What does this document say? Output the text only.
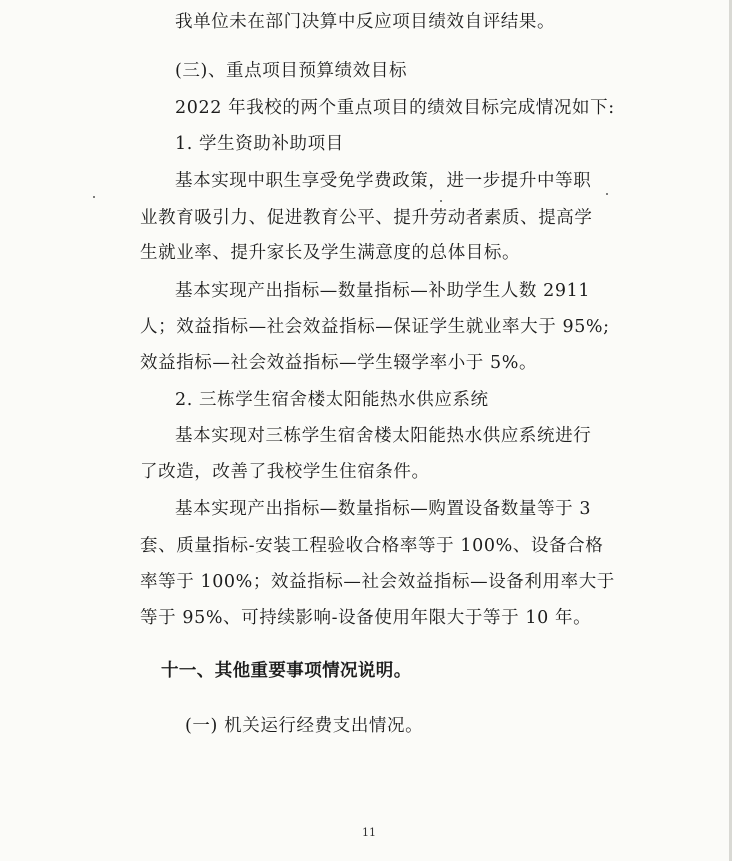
我单位未在部门决算中反应项目绩效自评结果。
(三)、重点项目预算绩效目标
2022 年我校的两个重点项目的绩效目标完成情况如下:
1. 学生资助补助项目
基本实现中职生享受免学费政策，进一步提升中等职
业教育吸引力、促进教育公平、提升劳动者素质、提高学
生就业率、提升家长及学生满意度的总体目标。
基本实现产出指标—数量指标—补助学生人数 2911
人；效益指标—社会效益指标—保证学生就业率大于 95%;
效益指标—社会效益指标—学生辍学率小于 5%。
2. 三栋学生宿舍楼太阳能热水供应系统
基本实现对三栋学生宿舍楼太阳能热水供应系统进行
了改造，改善了我校学生住宿条件。
基本实现产出指标—数量指标—购置设备数量等于 3
套、质量指标-安装工程验收合格率等于 100%、设备合格
率等于 100%；效益指标—社会效益指标—设备利用率大于
等于 95%、可持续影响-设备使用年限大于等于 10 年。
十一、其他重要事项情况说明。
(一) 机关运行经费支出情况。
11
